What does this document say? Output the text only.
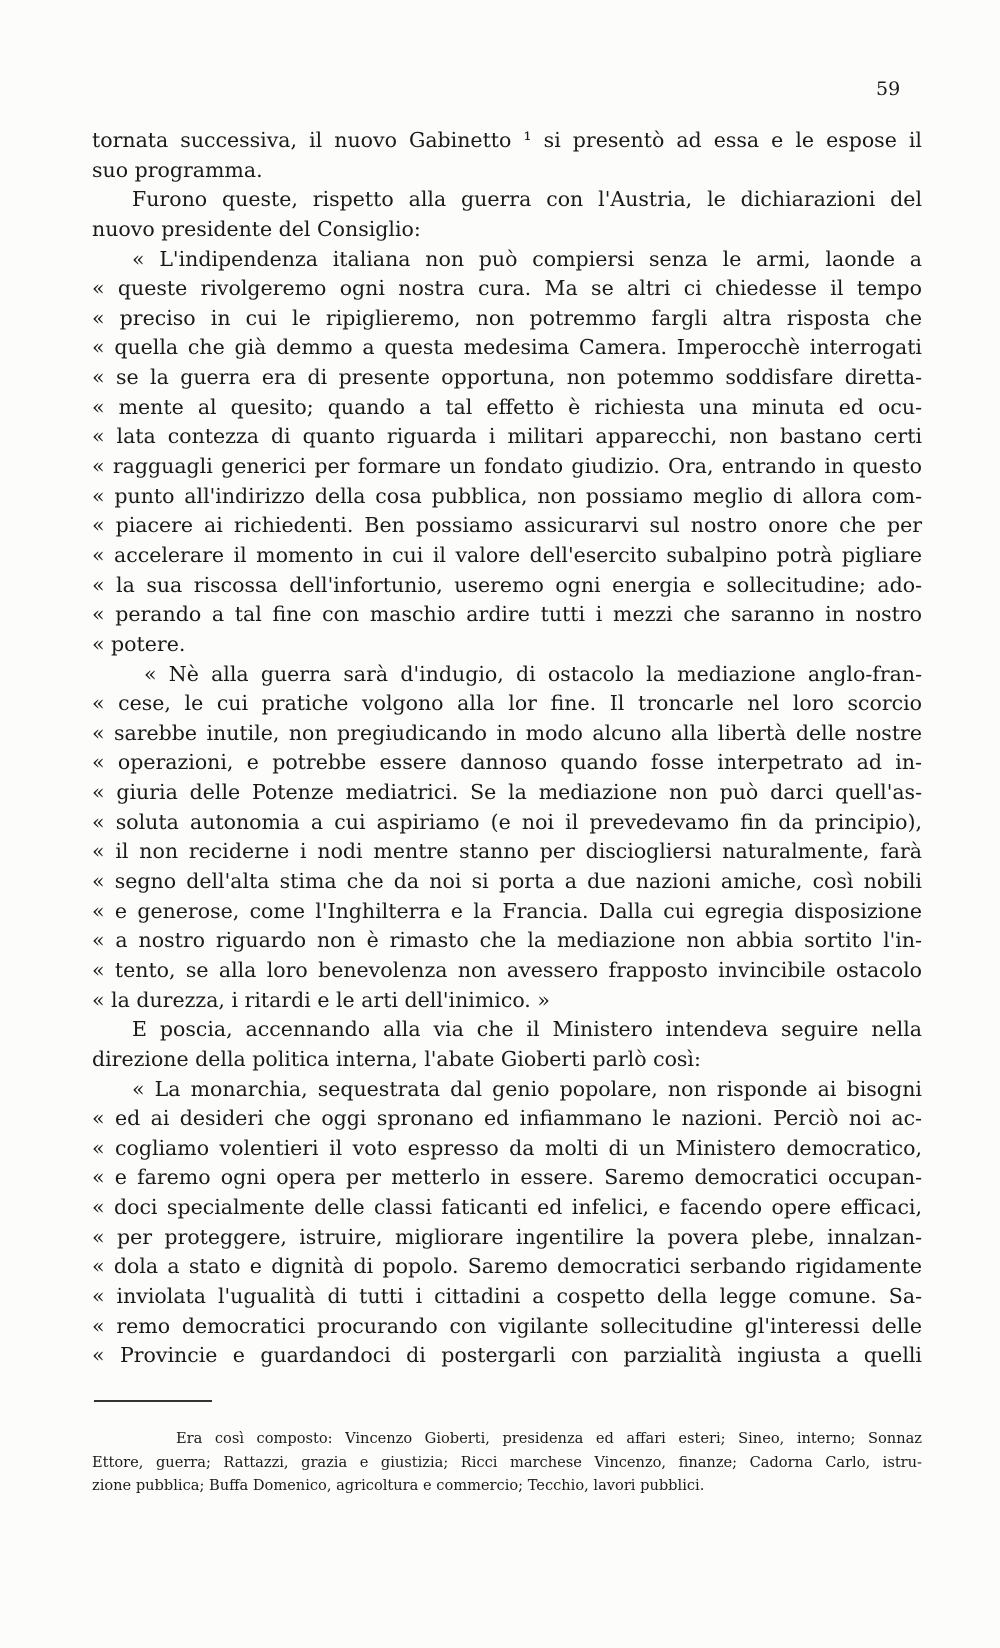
59
tornata successiva, il nuovo Gabinetto ¹ si presentò ad essa e le espose il
suo programma.
Furono queste, rispetto alla guerra con l'Austria, le dichiarazioni del
nuovo presidente del Consiglio:
« L'indipendenza italiana non può compiersi senza le armi, laonde a
« queste rivolgeremo ogni nostra cura. Ma se altri ci chiedesse il tempo
« preciso in cui le ripiglieremo, non potremmo fargli altra risposta che
« quella che già demmo a questa medesima Camera. Imperocchè interrogati
« se la guerra era di presente opportuna, non potemmo soddisfare diretta-
« mente al quesito; quando a tal effetto è richiesta una minuta ed ocu-
« lata contezza di quanto riguarda i militari apparecchi, non bastano certi
« ragguagli generici per formare un fondato giudizio. Ora, entrando in questo
« punto all'indirizzo della cosa pubblica, non possiamo meglio di allora com-
« piacere ai richiedenti. Ben possiamo assicurarvi sul nostro onore che per
« accelerare il momento in cui il valore dell'esercito subalpino potrà pigliare
« la sua riscossa dell'infortunio, useremo ogni energia e sollecitudine; ado-
« perando a tal fine con maschio ardire tutti i mezzi che saranno in nostro
« potere.
« Nè alla guerra sarà d'indugio, di ostacolo la mediazione anglo-fran-
« cese, le cui pratiche volgono alla lor fine. Il troncarle nel loro scorcio
« sarebbe inutile, non pregiudicando in modo alcuno alla libertà delle nostre
« operazioni, e potrebbe essere dannoso quando fosse interpetrato ad in-
« giuria delle Potenze mediatrici. Se la mediazione non può darci quell'as-
« soluta autonomia a cui aspiriamo (e noi il prevedevamo fin da principio),
« il non reciderne i nodi mentre stanno per disciogliersi naturalmente, farà
« segno dell'alta stima che da noi si porta a due nazioni amiche, così nobili
« e generose, come l'Inghilterra e la Francia. Dalla cui egregia disposizione
« a nostro riguardo non è rimasto che la mediazione non abbia sortito l'in-
« tento, se alla loro benevolenza non avessero frapposto invincibile ostacolo
« la durezza, i ritardi e le arti dell'inimico. »
E poscia, accennando alla via che il Ministero intendeva seguire nella
direzione della politica interna, l'abate Gioberti parlò così:
« La monarchia, sequestrata dal genio popolare, non risponde ai bisogni
« ed ai desideri che oggi spronano ed infiammano le nazioni. Perciò noi ac-
« cogliamo volentieri il voto espresso da molti di un Ministero democratico,
« e faremo ogni opera per metterlo in essere. Saremo democratici occupan-
« doci specialmente delle classi faticanti ed infelici, e facendo opere efficaci,
« per proteggere, istruire, migliorare ingentilire la povera plebe, innalzan-
« dola a stato e dignità di popolo. Saremo democratici serbando rigidamente
« inviolata l'ugualità di tutti i cittadini a cospetto della legge comune. Sa-
« remo democratici procurando con vigilante sollecitudine gl'interessi delle
« Provincie e guardandoci di postergarli con parzialità ingiusta a quelli
Era così composto: Vincenzo Gioberti, presidenza ed affari esteri; Sineo, interno; Sonnaz
Ettore, guerra; Rattazzi, grazia e giustizia; Ricci marchese Vincenzo, finanze; Cadorna Carlo, istru-
zione pubblica; Buffa Domenico, agricoltura e commercio; Tecchio, lavori pubblici.
